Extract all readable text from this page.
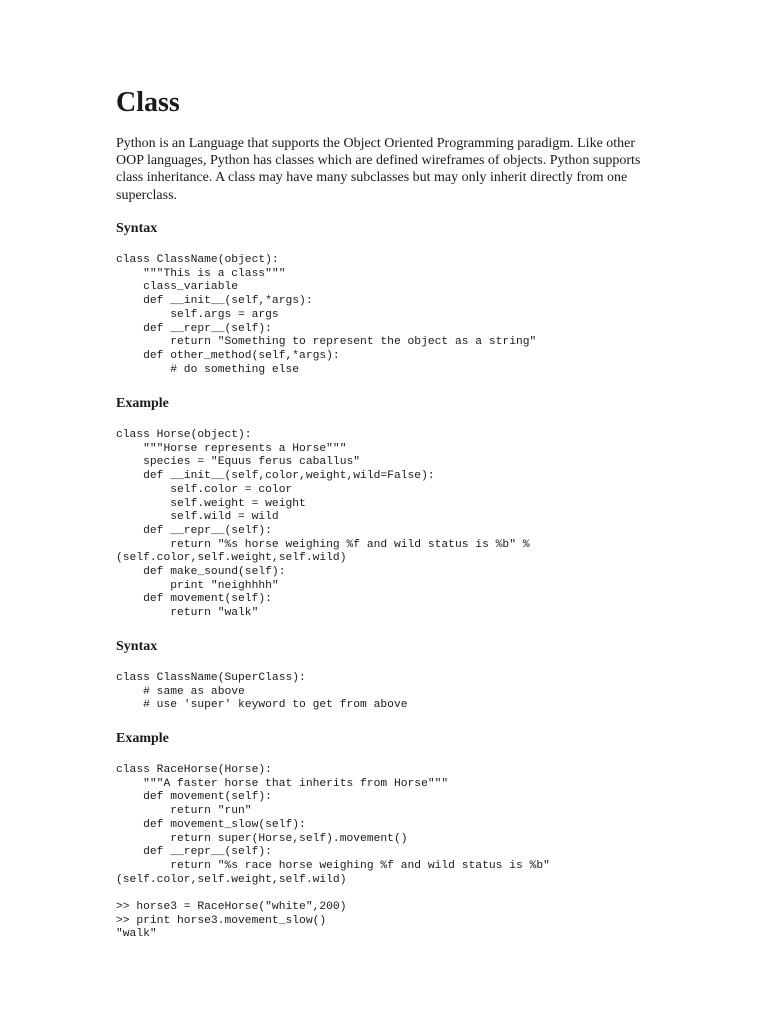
Class

Python is an Language that supports the Object Oriented Programming paradigm. Like other OOP languages, Python has classes which are defined wireframes of objects. Python supports class inheritance. A class may have many subclasses but may only inherit directly from one superclass.

Syntax
class ClassName(object):
"""This is a class"""
class_variable
def __init__(self,*args):
self.args = args
def __repr__(self):
return "Something to represent the object as a string"
def other_method(self,*args):
# do something else
Example
class Horse(object):
"""Horse represents a Horse"""
species = "Equus ferus caballus"
def __init__(self,color,weight,wild=False):
self.color = color
self.weight = weight
self.wild = wild
def __repr__(self):
return "%s horse weighing %f and wild status is %b" %
(self.color,self.weight,self.wild)
def make_sound(self):
print "neighhhh"
def movement(self):
return "walk"
Syntax
class ClassName(SuperClass):
# same as above
# use 'super' keyword to get from above
Example
class RaceHorse(Horse):
"""A faster horse that inherits from Horse"""
def movement(self):
return "run"
def movement_slow(self):
return super(Horse,self).movement()
def __repr__(self):
return "%s race horse weighing %f and wild status is %b"
(self.color,self.weight,self.wild)

>> horse3 = RaceHorse("white",200)
>> print horse3.movement_slow()
"walk"
